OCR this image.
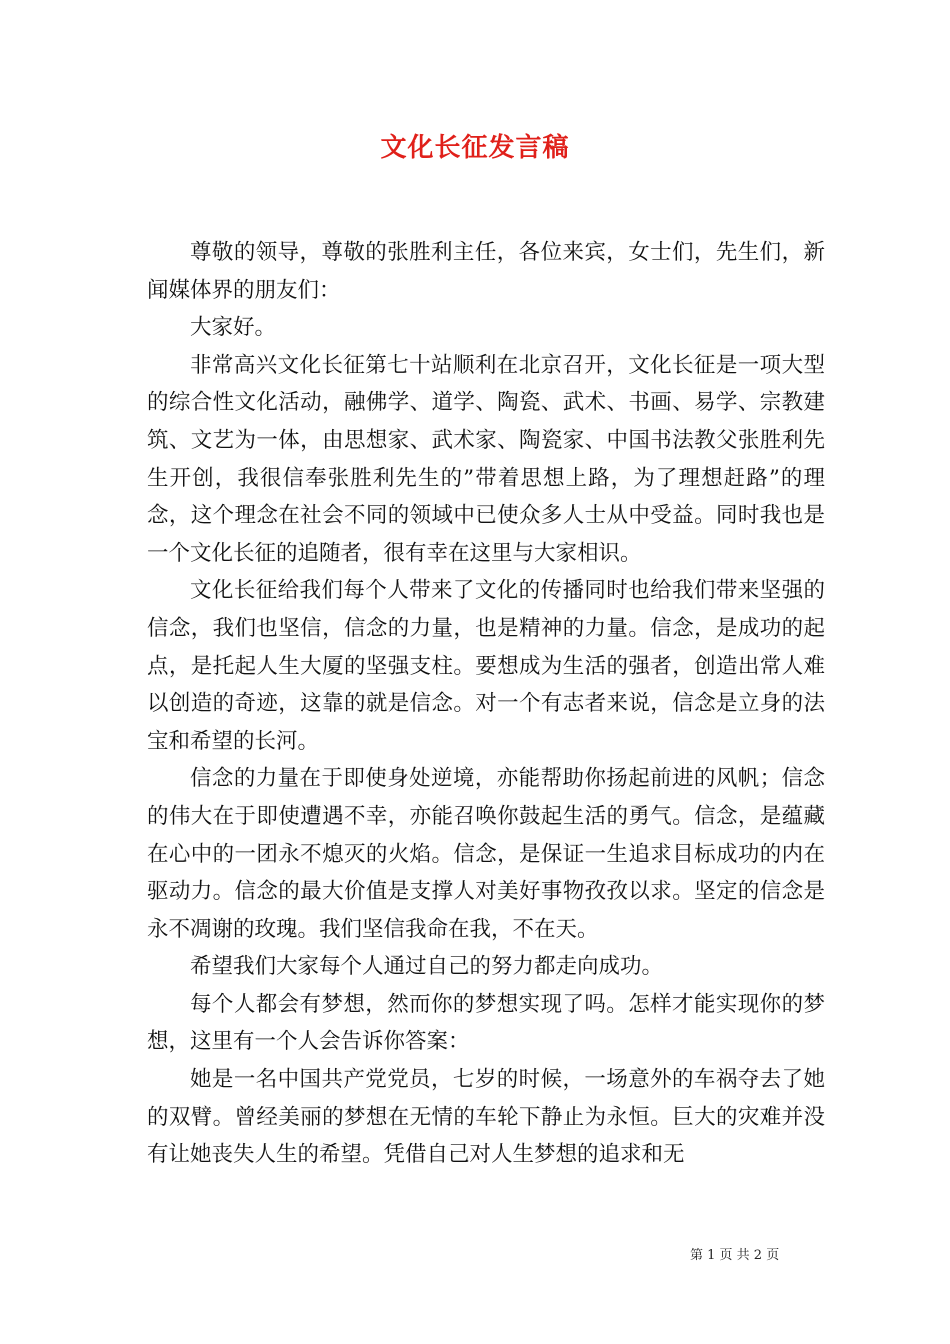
文化长征发言稿

尊敬的领导，尊敬的张胜利主任，各位来宾，女士们，先生们，新闻媒体界的朋友们：

大家好。

非常高兴文化长征第七十站顺利在北京召开，文化长征是一项大型的综合性文化活动，融佛学、道学、陶瓷、武术、书画、易学、宗教建筑、文艺为一体，由思想家、武术家、陶瓷家、中国书法教父张胜利先生开创，我很信奉张胜利先生的”带着思想上路，为了理想赶路”的理念，这个理念在社会不同的领域中已使众多人士从中受益。同时我也是一个文化长征的追随者，很有幸在这里与大家相识。

文化长征给我们每个人带来了文化的传播同时也给我们带来坚强的信念，我们也坚信，信念的力量，也是精神的力量。信念，是成功的起点，是托起人生大厦的坚强支柱。要想成为生活的强者，创造出常人难以创造的奇迹，这靠的就是信念。对一个有志者来说，信念是立身的法宝和希望的长河。

信念的力量在于即使身处逆境，亦能帮助你扬起前进的风帆；信念的伟大在于即使遭遇不幸，亦能召唤你鼓起生活的勇气。信念，是蕴藏在心中的一团永不熄灭的火焰。信念，是保证一生追求目标成功的内在驱动力。信念的最大价值是支撑人对美好事物孜孜以求。坚定的信念是永不凋谢的玫瑰。我们坚信我命在我，不在天。

希望我们大家每个人通过自己的努力都走向成功。

每个人都会有梦想，然而你的梦想实现了吗。怎样才能实现你的梦想，这里有一个人会告诉你答案：

她是一名中国共产党党员，七岁的时候，一场意外的车祸夺去了她的双臂。曾经美丽的梦想在无情的车轮下静止为永恒。巨大的灾难并没有让她丧失人生的希望。凭借自己对人生梦想的追求和无

第 1 页 共 2 页
